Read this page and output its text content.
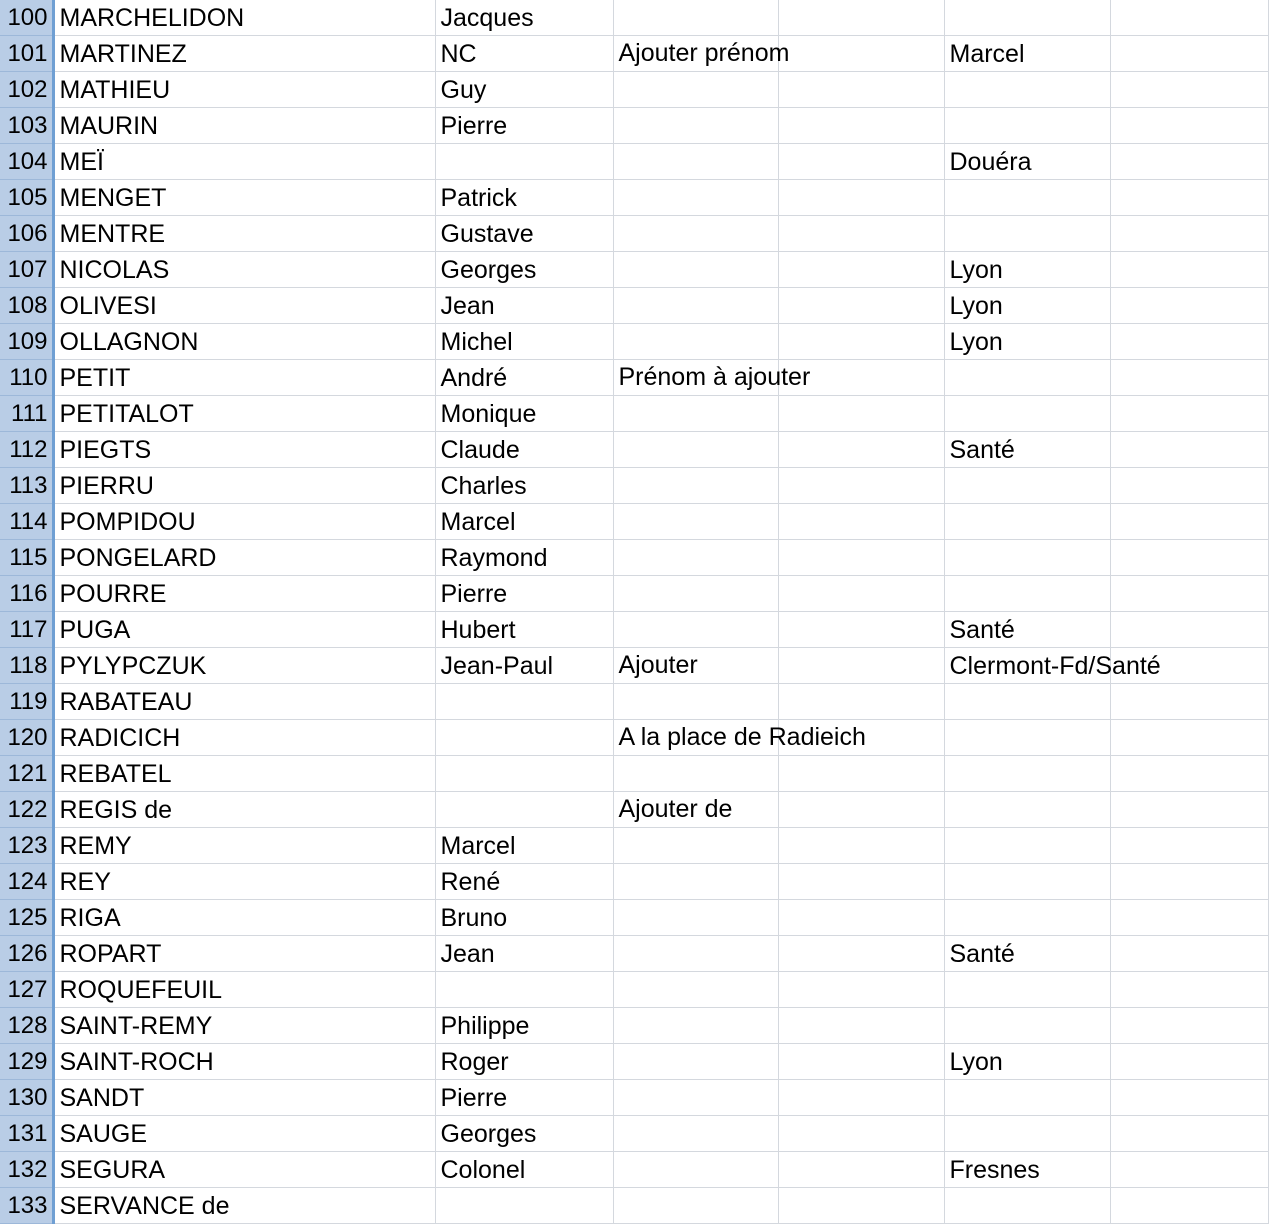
100	MARCHELIDON	Jacques	

101	MARTINEZ	NC	Ajouter prénom		Marcel	
102	MATHIEU	Guy	

103	MAURIN	Pierre	

104	MEÏ				Douéra	
105	MENGET	Patrick	

106	MENTRE	Gustave	

107	NICOLAS	Georges			Lyon	
108	OLIVESI	Jean			Lyon	
109	OLLAGNON	Michel			Lyon	
110	PETIT	André	Prénom à ajouter			

111	PETITALOT	Monique	

112	PIEGTS	Claude			Santé	
113	PIERRU	Charles	

114	POMPIDOU	Marcel	

115	PONGELARD	Raymond	

116	POURRE	Pierre	

117	PUGA	Hubert			Santé	
118	PYLYPCZUK	Jean-Paul	Ajouter		Clermont-Fd/Santé	
119	RABATEAU		

120	RADICICH		A la place de Radieich			

121	REBATEL		

122	REGIS de		Ajouter de			

123	REMY	Marcel	

124	REY	René	

125	RIGA	Bruno	

126	ROPART	Jean			Santé	
127	ROQUEFEUIL		

128	SAINT-REMY	Philippe	

129	SAINT-ROCH	Roger			Lyon	
130	SANDT	Pierre	

131	SAUGE	Georges	

132	SEGURA	Colonel			Fresnes	
133	SERVANCE de		
